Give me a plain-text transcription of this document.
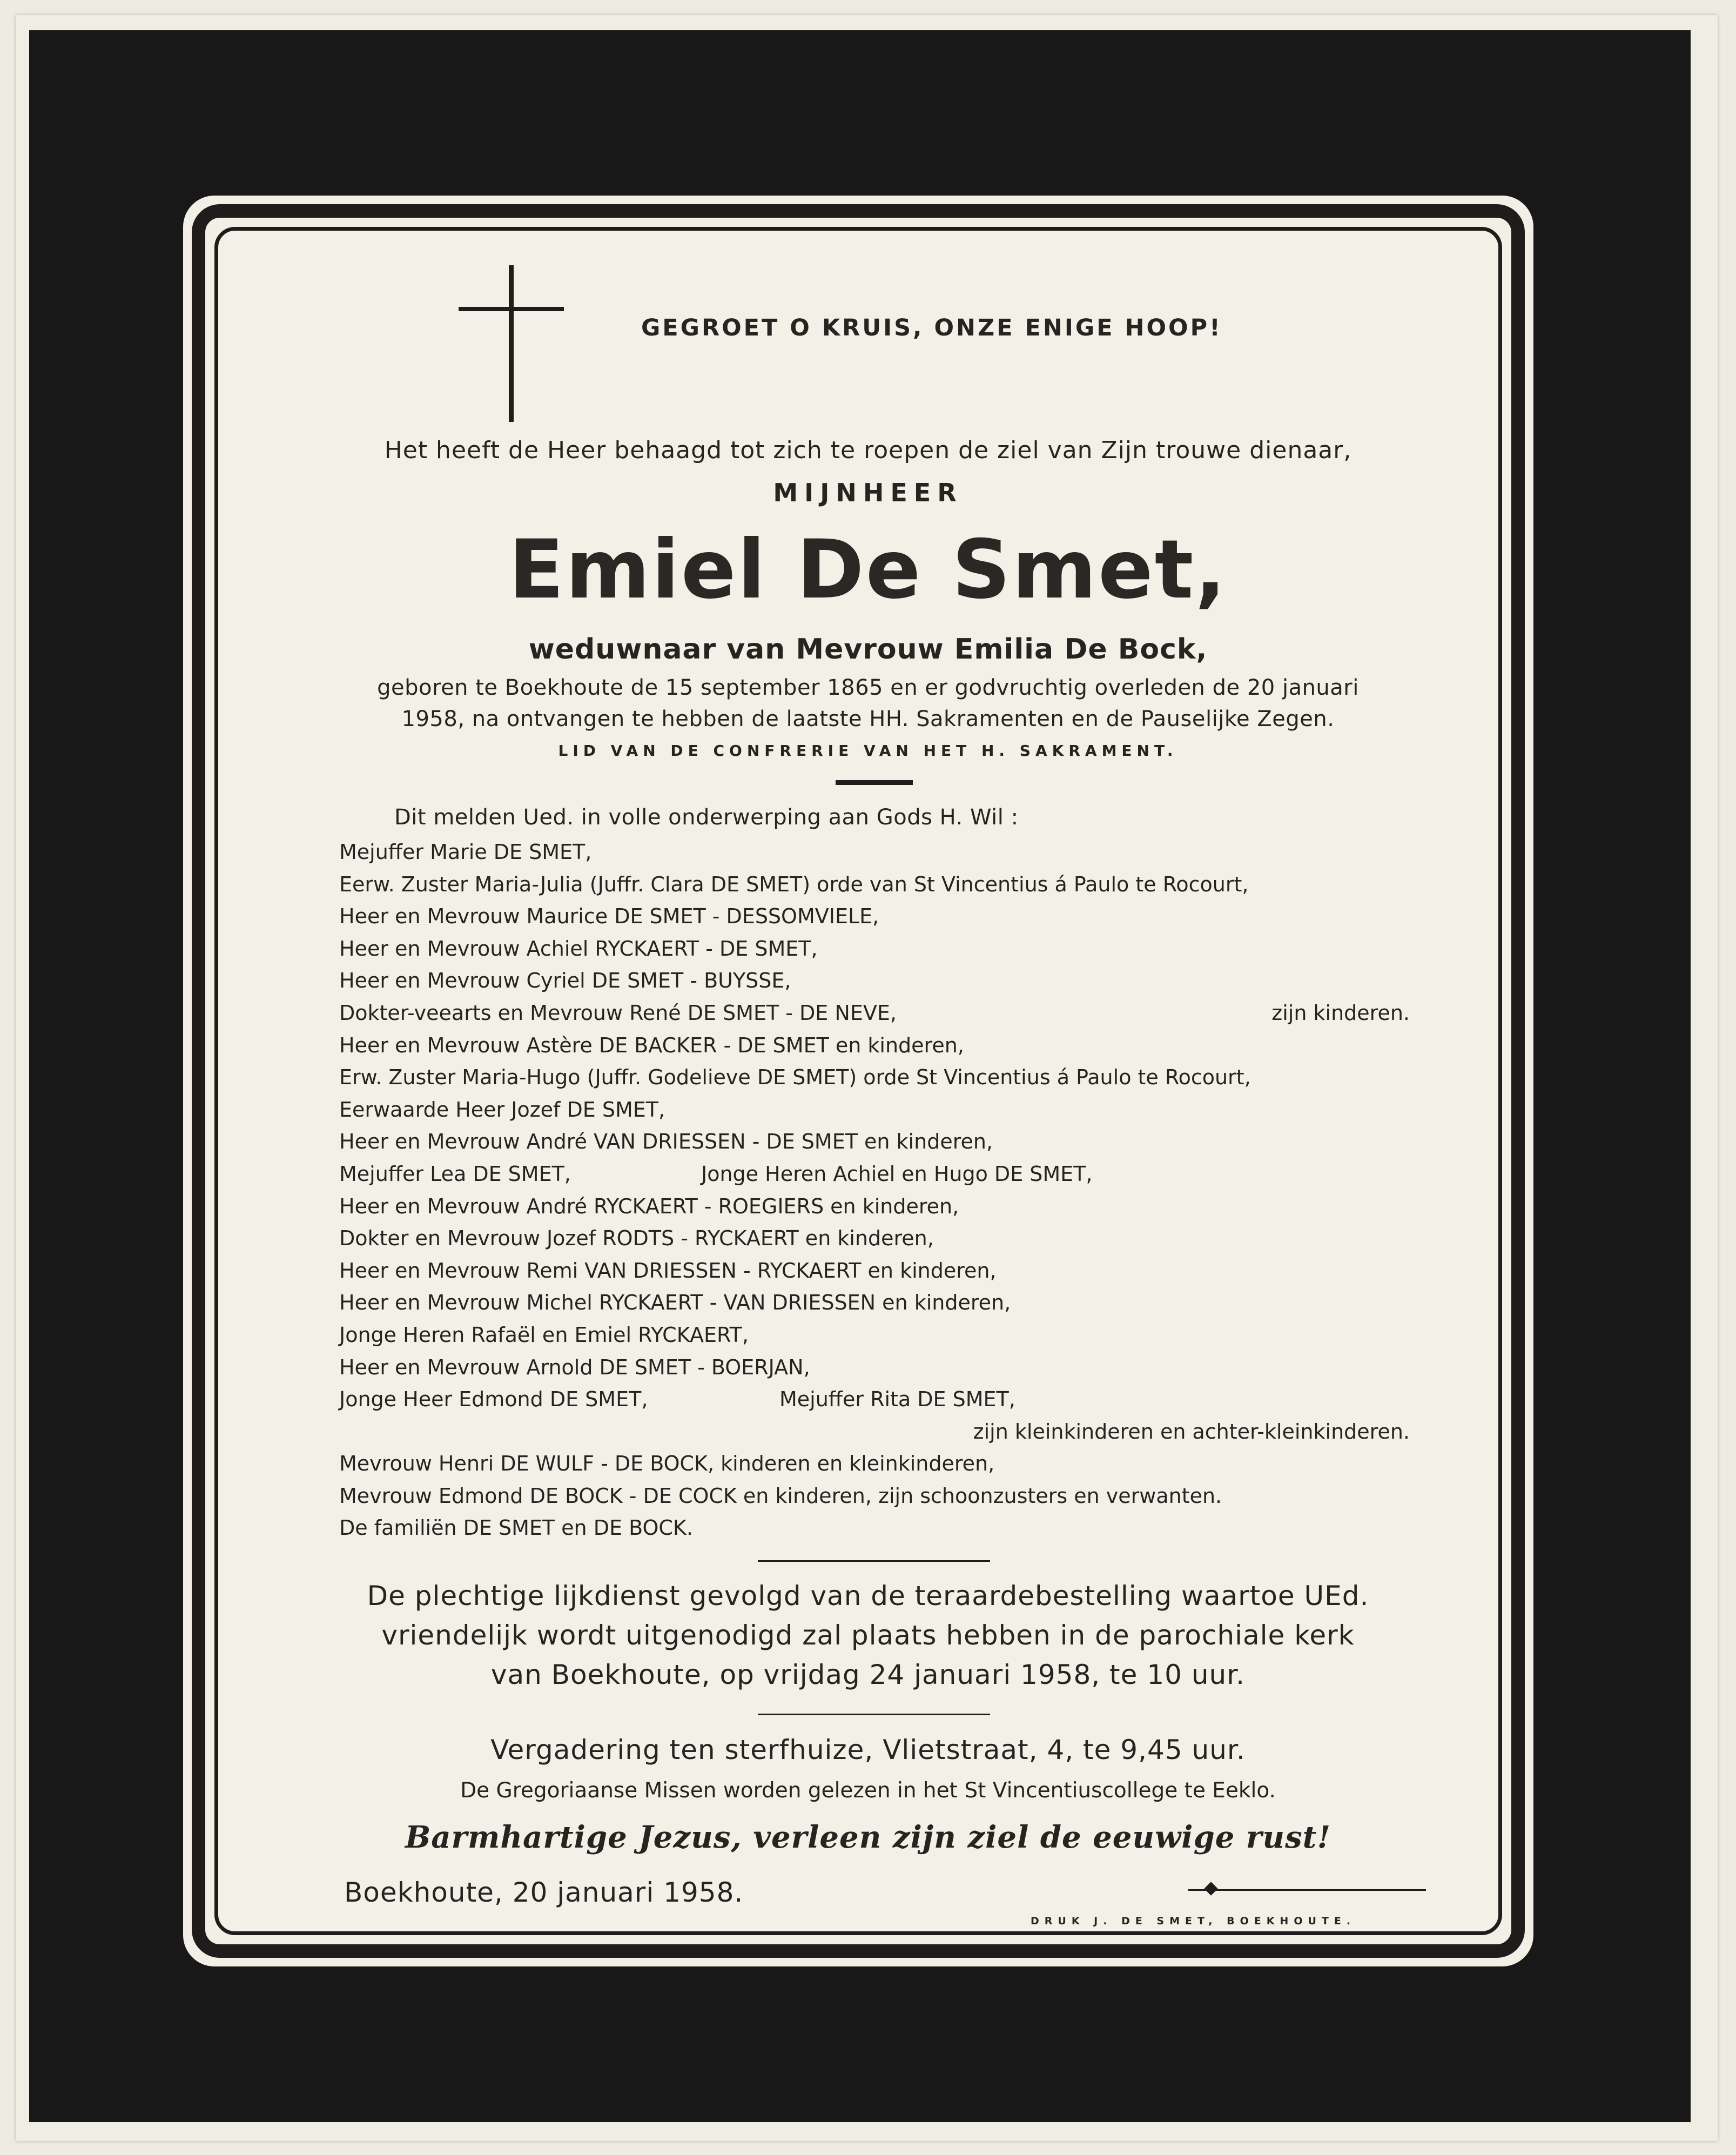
GEGROET O KRUIS, ONZE ENIGE HOOP!
Het heeft de Heer behaagd tot zich te roepen de ziel van Zijn trouwe dienaar,
MIJNHEER
Emiel De Smet,
weduwnaar van Mevrouw Emilia De Bock,
geboren te Boekhoute de 15 september 1865 en er godvruchtig overleden de 20 januari
1958, na ontvangen te hebben de laatste HH. Sakramenten en de Pauselijke Zegen.
LID VAN DE CONFRERIE VAN HET H. SAKRAMENT.
Dit melden Ued. in volle onderwerping aan Gods H. Wil :
Mejuffer Marie DE SMET,
Eerw. Zuster Maria-Julia (Juffr. Clara DE SMET) orde van St Vincentius á Paulo te Rocourt,
Heer en Mevrouw Maurice DE SMET - DESSOMVIELE,
Heer en Mevrouw Achiel RYCKAERT - DE SMET,
Heer en Mevrouw Cyriel DE SMET - BUYSSE,
Dokter-veearts en Mevrouw René DE SMET - DE NEVE,	zijn kinderen.
Heer en Mevrouw Astère DE BACKER - DE SMET en kinderen,
Erw. Zuster Maria-Hugo (Juffr. Godelieve DE SMET) orde St Vincentius á Paulo te Rocourt,
Eerwaarde Heer Jozef DE SMET,
Heer en Mevrouw André VAN DRIESSEN - DE SMET en kinderen,
Mejuffer Lea DE SMET,	Jonge Heren Achiel en Hugo DE SMET,
Heer en Mevrouw André RYCKAERT - ROEGIERS en kinderen,
Dokter en Mevrouw Jozef RODTS - RYCKAERT en kinderen,
Heer en Mevrouw Remi VAN DRIESSEN - RYCKAERT en kinderen,
Heer en Mevrouw Michel RYCKAERT - VAN DRIESSEN en kinderen,
Jonge Heren Rafaël en Emiel RYCKAERT,
Heer en Mevrouw Arnold DE SMET - BOERJAN,
Jonge Heer Edmond DE SMET,	Mejuffer Rita DE SMET,
zijn kleinkinderen en achter-kleinkinderen.
Mevrouw Henri DE WULF - DE BOCK, kinderen en kleinkinderen,
Mevrouw Edmond DE BOCK - DE COCK en kinderen, zijn schoonzusters en verwanten.
De familiën DE SMET en DE BOCK.
De plechtige lijkdienst gevolgd van de teraardebestelling waartoe UEd.
vriendelijk wordt uitgenodigd zal plaats hebben in de parochiale kerk
van Boekhoute, op vrijdag 24 januari 1958, te 10 uur.
Vergadering ten sterfhuize, Vlietstraat, 4, te 9,45 uur.
De Gregoriaanse Missen worden gelezen in het St Vincentiuscollege te Eeklo.
Barmhartige Jezus, verleen zijn ziel de eeuwige rust!
Boekhoute, 20 januari 1958.
DRUK J. DE SMET, BOEKHOUTE.
